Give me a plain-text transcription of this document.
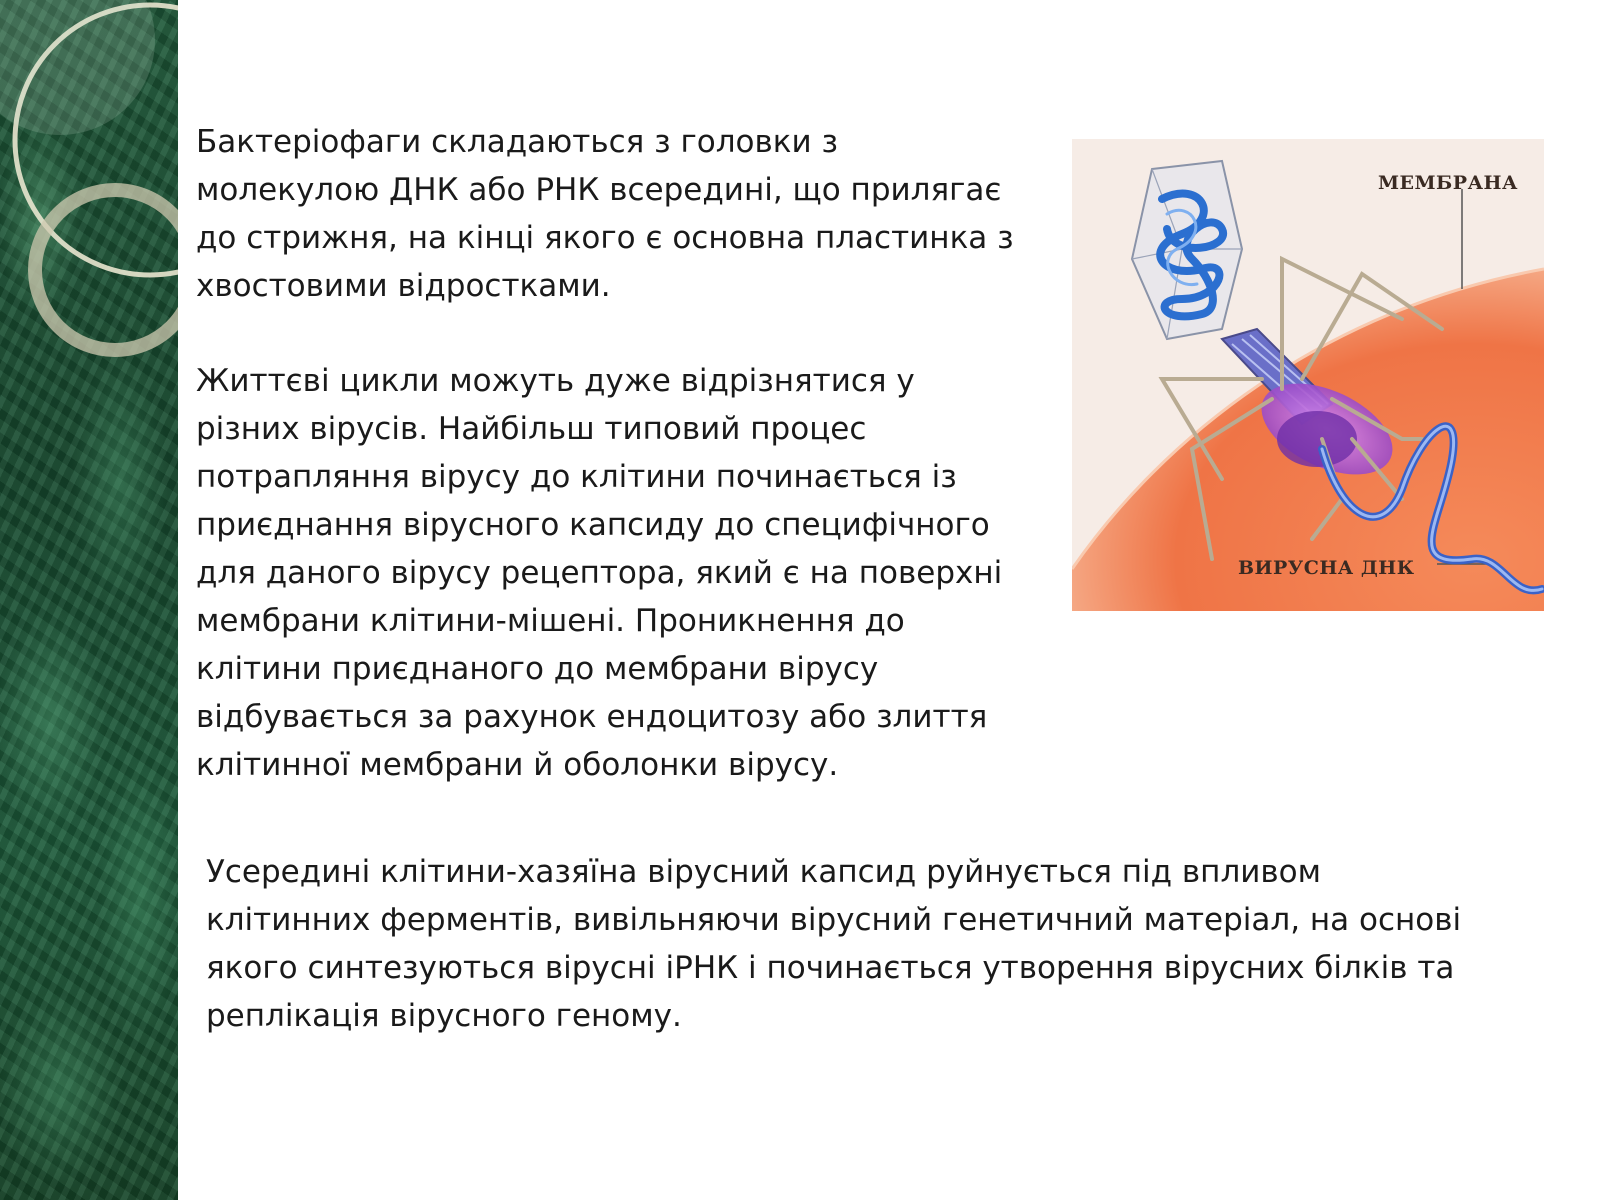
Бактеріофаги складаються з головки з
молекулою ДНК або РНК всередині, що прилягає
до стрижня, на кінці якого є основна пластинка з
хвостовими відростками.

Життєві цикли можуть дуже відрізнятися у
різних вірусів. Найбільш типовий процес
потрапляння вірусу до клітини починається із
приєднання вірусного капсиду до специфічного
для даного вірусу рецептора, який є на поверхні
мембрани клітини-мішені. Проникнення до
клітини приєднаного до мембрани вірусу
відбувається за рахунок ендоцитозу або злиття
клітинної мембрани й оболонки вірусу.

Усередині клітини-хазяїна вірусний капсид руйнується під впливом
клітинних ферментів, вивільняючи вірусний генетичний матеріал, на основі
якого синтезуються вірусні іРНК і починається утворення вірусних білків та
реплікація вірусного геному.

МЕМБРАНА
ВИРУСНА ДНК
